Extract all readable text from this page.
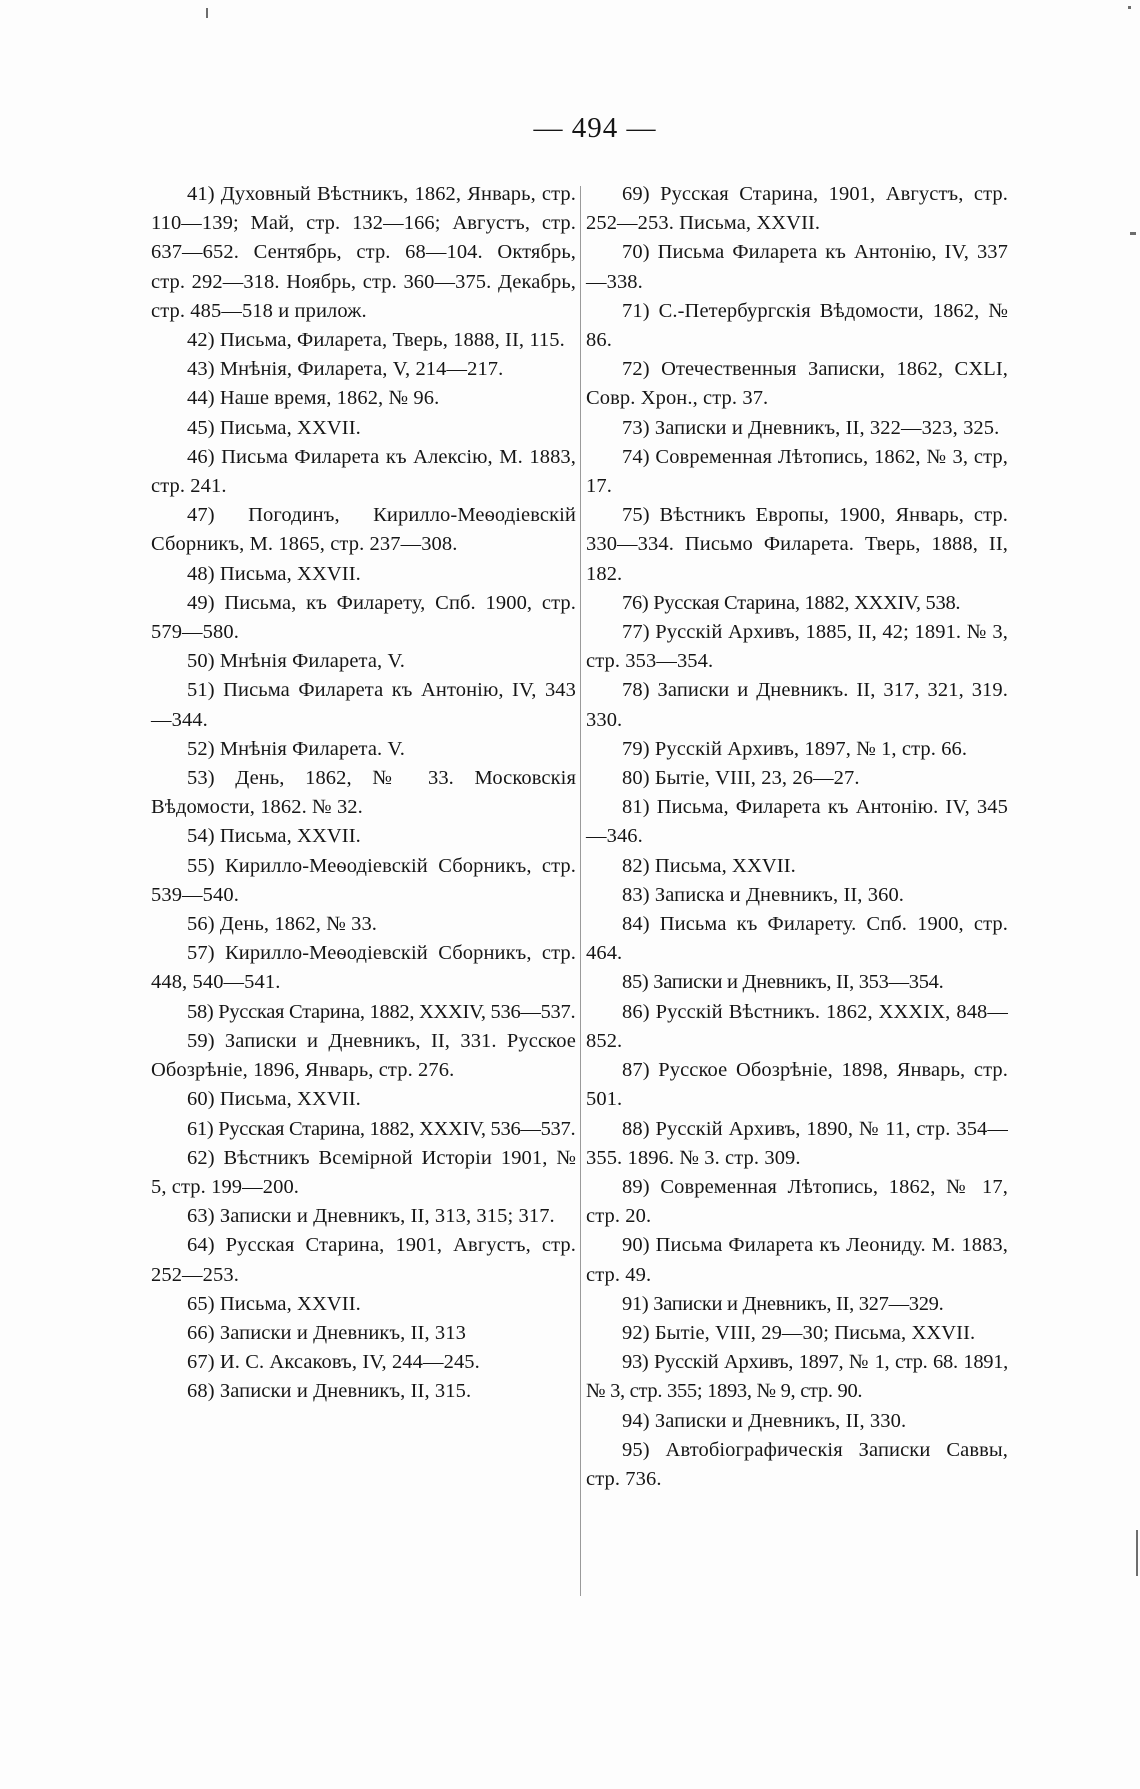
— 494 —

41) Духовный Вѣстникъ, 1862, Январь, стр. 110—139; Май, стр. 132—166; Августъ, стр. 637—652. Сентябрь, стр. 68—104. Октябрь, стр. 292—318. Ноябрь, стр. 360—375. Декабрь, стр. 485—518 и прилож.

42) Письма, Филарета, Тверь, 1888, II, 115.

43) Мнѣнія, Филарета, V, 214—217.

44) Наше время, 1862, № 96.

45) Письма, XXVII.

46) Письма Филарета къ Алексію, М. 1883, стр. 241.

47) Погодинъ, Кирилло-Меѳодіевскій Сборникъ, М. 1865, стр. 237—308.

48) Письма, XXVII.

49) Письма, къ Филарету, Спб. 1900, стр. 579—580.

50) Мнѣнія Филарета, V.

51) Письма Филарета къ Антонію, IV, 343—344.

52) Мнѣнія Филарета. V.

53) День, 1862, № 33. Московскія Вѣдомости, 1862. № 32.

54) Письма, XXVII.

55) Кирилло-Меѳодіевскій Сборникъ, стр. 539—540.

56) День, 1862, № 33.

57) Кирилло-Меѳодіевскій Сборникъ, стр. 448, 540—541.

58) Русская Старина, 1882, XXXIV, 536—537.

59) Записки и Дневникъ, II, 331. Русское Обозрѣніе, 1896, Январь, стр. 276.

60) Письма, XXVII.

61) Русская Старина, 1882, XXXIV, 536—537.

62) Вѣстникъ Всемірной Исторіи 1901, № 5, стр. 199—200.

63) Записки и Дневникъ, II, 313, 315; 317.

64) Русская Старина, 1901, Августъ, стр. 252—253.

65) Письма, XXVII.

66) Записки и Дневникъ, II, 313

67) И. С. Аксаковъ, IV, 244—245.

68) Записки и Дневникъ, II, 315.

69) Русская Старина, 1901, Августъ, стр. 252—253. Письма, XXVII.

70) Письма Филарета къ Антонію, IV, 337—338.

71) С.-Петербургскія Вѣдомости, 1862, № 86.

72) Отечественныя Записки, 1862, CXLI, Совр. Хрон., стр. 37.

73) Записки и Дневникъ, II, 322—323, 325.

74) Современная Лѣтопись, 1862, № 3, стр, 17.

75) Вѣстникъ Европы, 1900, Январь, стр. 330—334. Письмо Филарета. Тверь, 1888, II, 182.

76) Русская Старина, 1882, XXXIV, 538.

77) Русскій Архивъ, 1885, II, 42; 1891. № 3, стр. 353—354.

78) Записки и Дневникъ. II, 317, 321, 319. 330.

79) Русскій Архивъ, 1897, № 1, стр. 66.

80) Бытіе, VIII, 23, 26—27.

81) Письма, Филарета къ Антонію. IV, 345—346.

82) Письма, XXVII.

83) Записка и Дневникъ, II, 360.

84) Письма къ Филарету. Спб. 1900, стр. 464.

85) Записки и Дневникъ, II, 353—354.

86) Русскій Вѣстникъ. 1862, XXXIX, 848—852.

87) Русское Обозрѣніе, 1898, Январь, стр. 501.

88) Русскій Архивъ, 1890, № 11, стр. 354—355. 1896. № 3. стр. 309.

89) Современная Лѣтопись, 1862, № 17, стр. 20.

90) Письма Филарета къ Леониду. М. 1883, стр. 49.

91) Записки и Дневникъ, II, 327—329.

92) Бытіе, VIII, 29—30; Письма, XXVII.

93) Русскій Архивъ, 1897, № 1, стр. 68. 1891, № 3, стр. 355; 1893, № 9, стр. 90.

94) Записки и Дневникъ, II, 330.

95) Автобіографическія Записки Саввы, стр. 736.
